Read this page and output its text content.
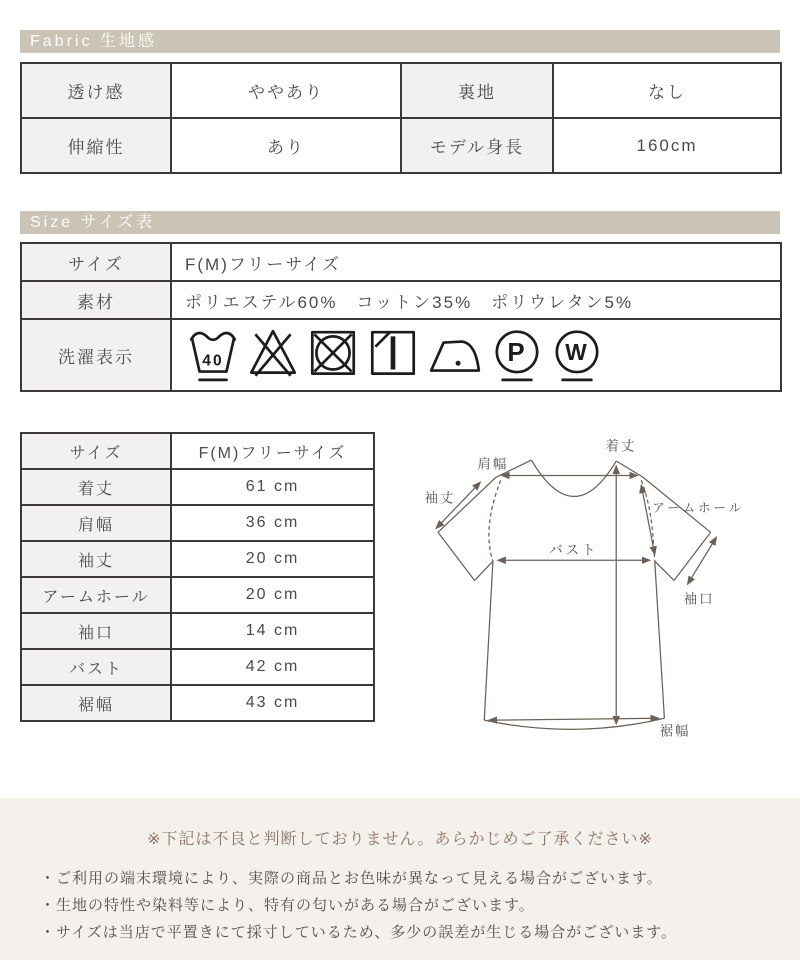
Fabric 生地感
透け感	ややあり	裏地	なし
伸縮性	あり	モデル身長	160cm
Size サイズ表
サイズ	F(M)フリーサイズ
素材	ポリエステル60%　コットン35%　ポリウレタン5%
洗濯表示	40 P W
サイズ	F(M)フリーサイズ
着丈	61 cm
肩幅	36 cm
袖丈	20 cm
アームホール	20 cm
袖口	14 cm
バスト	42 cm
裾幅	43 cm
肩幅
着丈
袖丈
アームホール
バスト
袖口
裾幅
※下記は不良と判断しておりません。あらかじめご了承ください※
・ご利用の端末環境により、実際の商品とお色味が異なって見える場合がございます。
・生地の特性や染料等により、特有の匂いがある場合がございます。
・サイズは当店で平置きにて採寸しているため、多少の誤差が生じる場合がございます。
